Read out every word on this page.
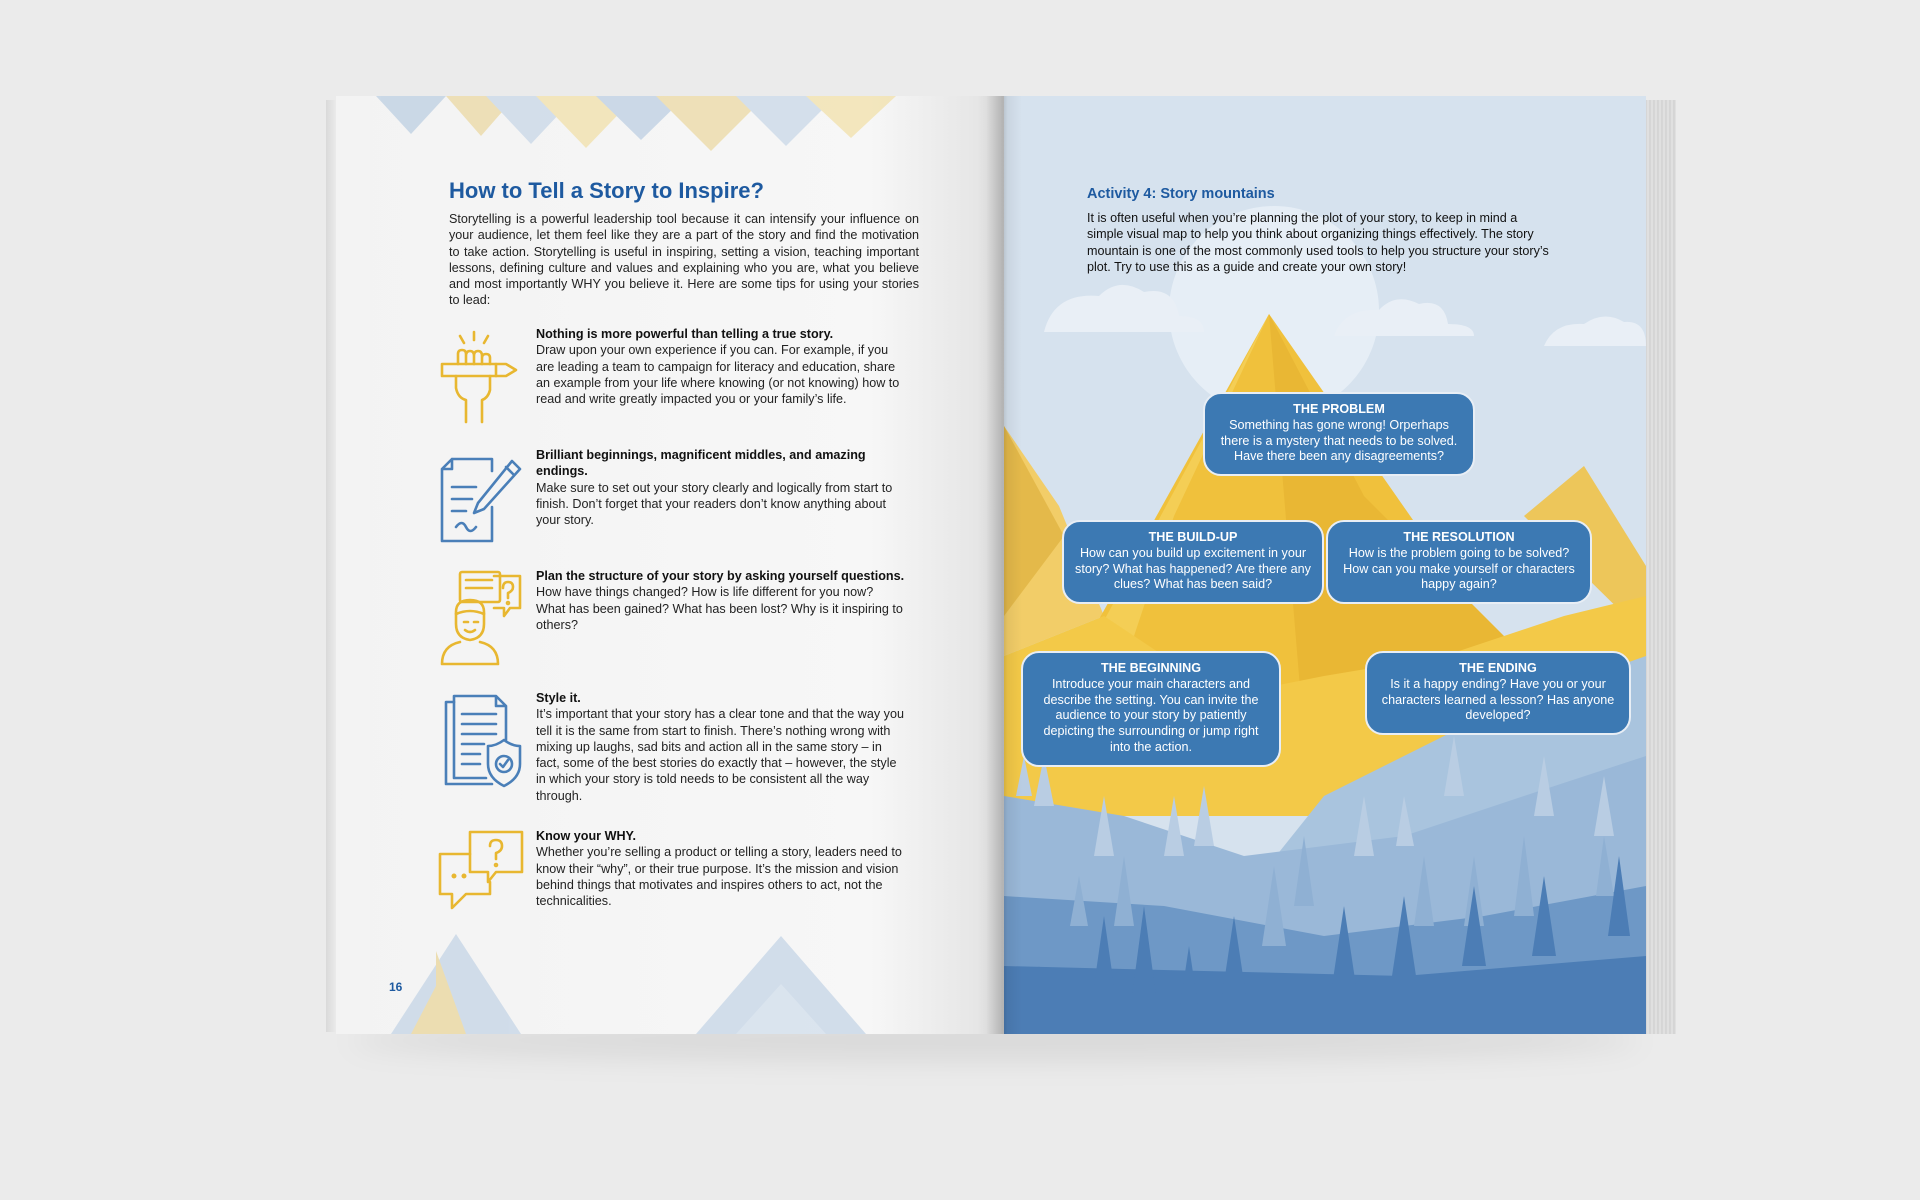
How to Tell a Story to Inspire?

Storytelling is a powerful leadership tool because it can intensify your influence on your audience, let them feel like they are a part of the story and find the motivation to take action. Storytelling is useful in inspiring, setting a vision, teaching important lessons, defining culture and values and explaining who you are, what you believe and most importantly WHY you believe it. Here are some tips for using your stories to lead:

Nothing is more powerful than telling a true story.
Draw upon your own experience if you can. For example, if you are leading a team to campaign for literacy and education, share an example from your life where knowing (or not knowing) how to read and write greatly impacted you or your family’s life.
Brilliant beginnings, magnificent middles, and amazing endings.
Make sure to set out your story clearly and logically from start to finish. Don’t forget that your readers don’t know anything about your story.
Plan the structure of your story by asking yourself questions.
How have things changed? How is life different for you now? What has been gained? What has been lost? Why is it inspiring to others?
Style it.
It’s important that your story has a clear tone and that the way you tell it is the same from start to finish. There’s nothing wrong with mixing up laughs, sad bits and action all in the same story – in fact, some of the best stories do exactly that – however, the style in which your story is told needs to be consistent all the way through.
Know your WHY.
Whether you’re selling a product or telling a story, leaders need to know their “why”, or their true purpose. It’s the mission and vision behind things that motivates and inspires others to act, not the technicalities.
16
Activity 4: Story mountains

It is often useful when you’re planning the plot of your story, to keep in mind a simple visual map to help you think about organizing things effectively. The story mountain is one of the most commonly used tools to help you structure your story’s plot. Try to use this as a guide and create your own story!

THE PROBLEM
Something has gone wrong! Orperhaps there is a mystery that needs to be solved. Have there been any disagreements?
THE BUILD-UP
How can you build up excitement in your story? What has happened? Are there any clues? What has been said?
THE RESOLUTION
How is the problem going to be solved? How can you make yourself or characters happy again?
THE BEGINNING
Introduce your main characters and describe the setting. You can invite the audience to your story by patiently depicting the surrounding or jump right into the action.
THE ENDING
Is it a happy ending? Have you or your characters learned a lesson? Has anyone developed?
